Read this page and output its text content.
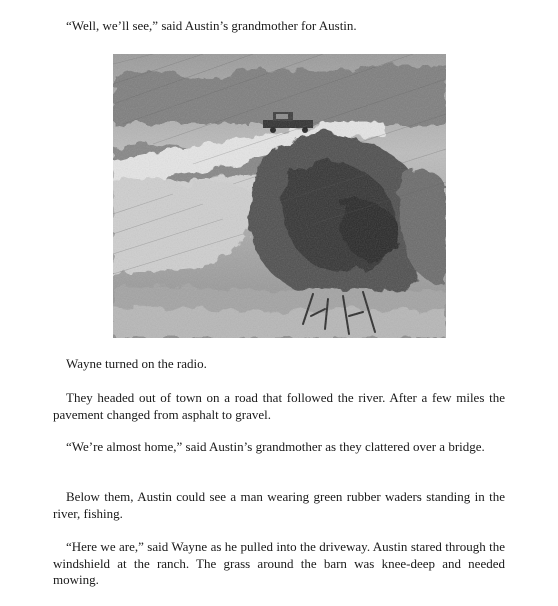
“Well, we’ll see,” said Austin’s grandmother for Austin.

Wayne turned on the radio.

They headed out of town on a road that followed the river. After a few miles the pavement changed from asphalt to gravel.

“We’re almost home,” said Austin’s grandmother as they clattered over a bridge.

Below them, Austin could see a man wearing green rubber waders standing in the river, fishing.

“Here we are,” said Wayne as he pulled into the driveway. Austin stared through the windshield at the ranch. The grass around the barn was knee-deep and needed mowing.
